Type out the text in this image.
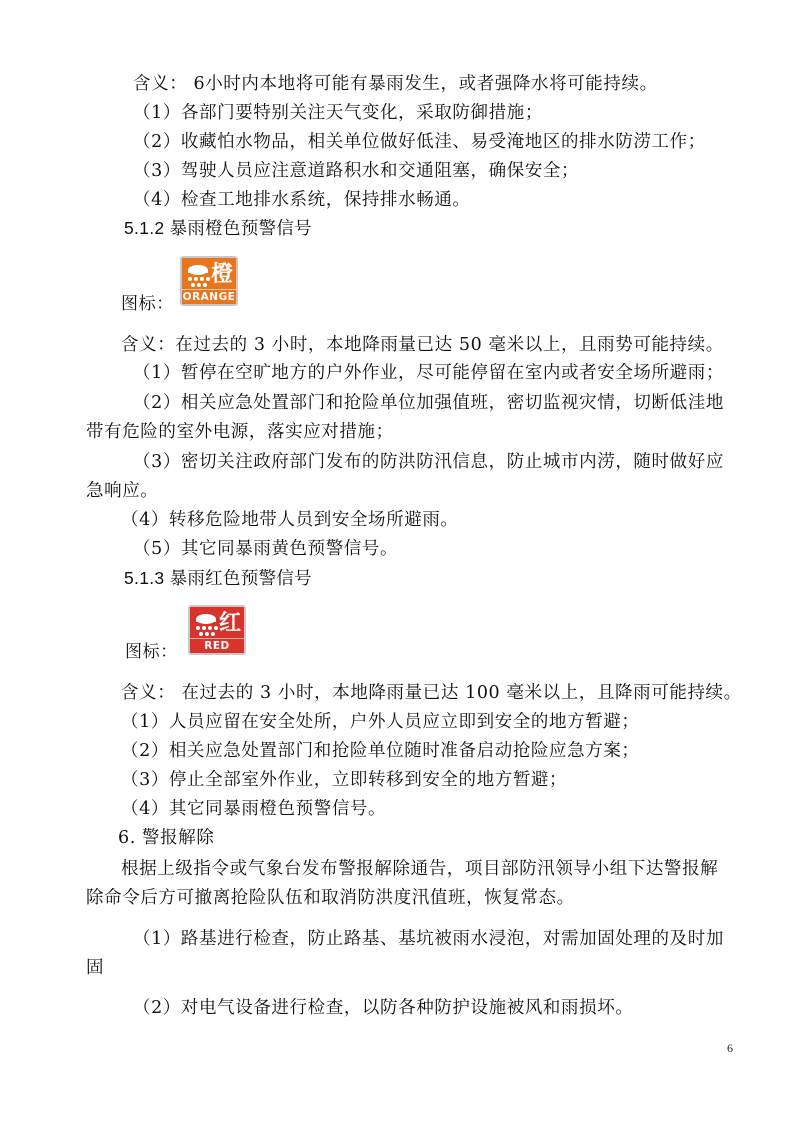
含义： 6小时内本地将可能有暴雨发生，或者强降水将可能持续。
（1）各部门要特别关注天气变化，采取防御措施；
（2）收藏怕水物品，相关单位做好低洼、易受淹地区的排水防涝工作；
（3）驾驶人员应注意道路积水和交通阻塞，确保安全；
（4）检查工地排水系统，保持排水畅通。
5.1.2 暴雨橙色预警信号
橙
ORANGE
图标：
含义：在过去的 3 小时，本地降雨量已达 50 毫米以上，且雨势可能持续。
（1）暂停在空旷地方的户外作业，尽可能停留在室内或者安全场所避雨；
（2）相关应急处置部门和抢险单位加强值班，密切监视灾情，切断低洼地
带有危险的室外电源，落实应对措施；
（3）密切关注政府部门发布的防洪防汛信息，防止城市内涝，随时做好应
急响应。
（4）转移危险地带人员到安全场所避雨。
（5）其它同暴雨黄色预警信号。
5.1.3 暴雨红色预警信号
红
RED
图标：
含义： 在过去的 3 小时，本地降雨量已达 100 毫米以上，且降雨可能持续。
（1）人员应留在安全处所，户外人员应立即到安全的地方暂避；
（2）相关应急处置部门和抢险单位随时准备启动抢险应急方案；
（3）停止全部室外作业，立即转移到安全的地方暂避；
（4）其它同暴雨橙色预警信号。
6. 警报解除
根据上级指令或气象台发布警报解除通告，项目部防汛领导小组下达警报解
除命令后方可撤离抢险队伍和取消防洪度汛值班，恢复常态。
（1）路基进行检查，防止路基、基坑被雨水浸泡，对需加固处理的及时加
固
（2）对电气设备进行检查，以防各种防护设施被风和雨损坏。
6
